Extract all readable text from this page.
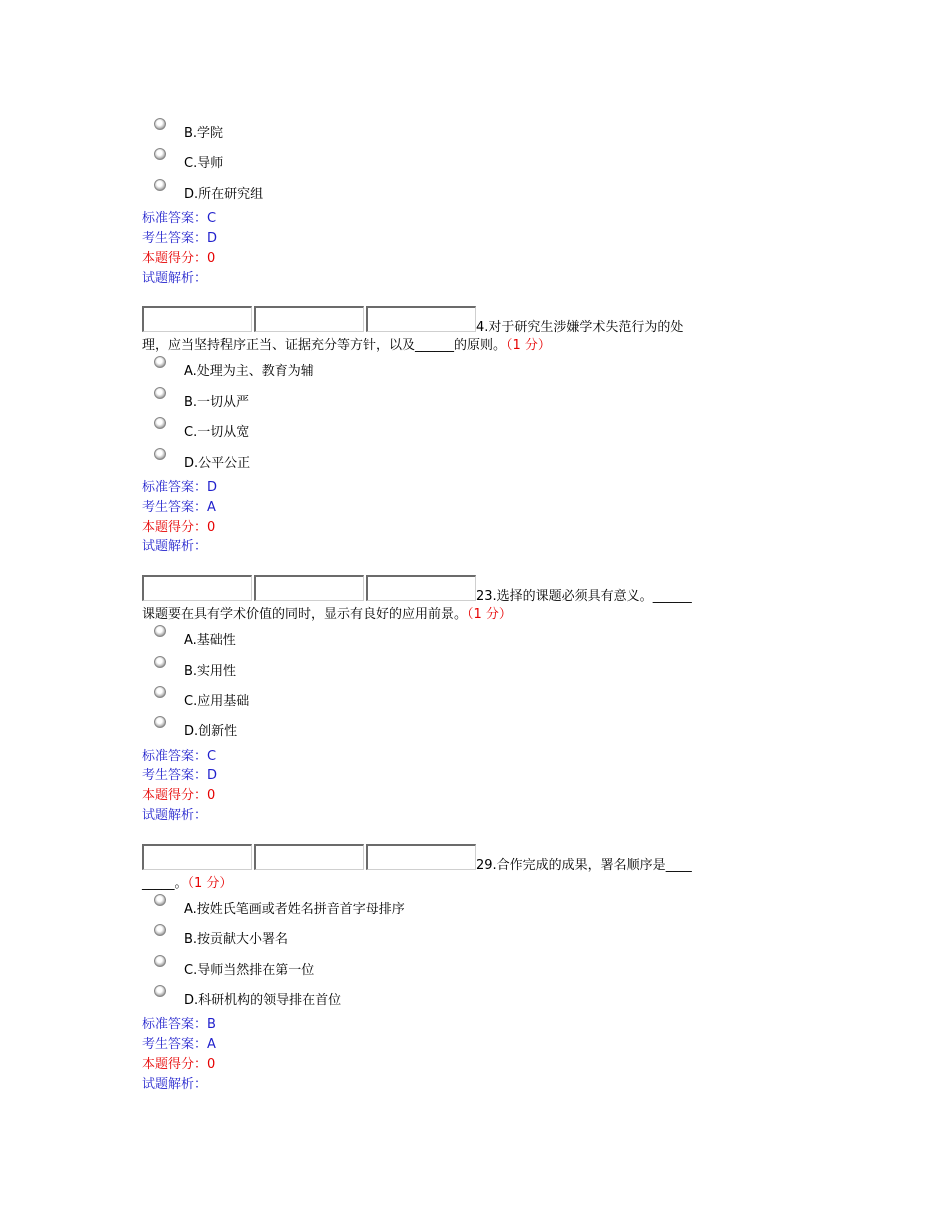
B.学院
C.导师
D.所在研究组
标准答案：C
考生答案：D
本题得分：0
试题解析：
4.对于研究生涉嫌学术失范行为的处
理，应当坚持程序正当、证据充分等方针，以及______的原则。（1 分）
A.处理为主、教育为辅
B.一切从严
C.一切从宽
D.公平公正
标准答案：D
考生答案：A
本题得分：0
试题解析：
23.选择的课题必须具有意义。______
课题要在具有学术价值的同时，显示有良好的应用前景。（1 分）
A.基础性
B.实用性
C.应用基础
D.创新性
标准答案：C
考生答案：D
本题得分：0
试题解析：
29.合作完成的成果，署名顺序是____
_____。（1 分）
A.按姓氏笔画或者姓名拼音首字母排序
B.按贡献大小署名
C.导师当然排在第一位
D.科研机构的领导排在首位
标准答案：B
考生答案：A
本题得分：0
试题解析：
